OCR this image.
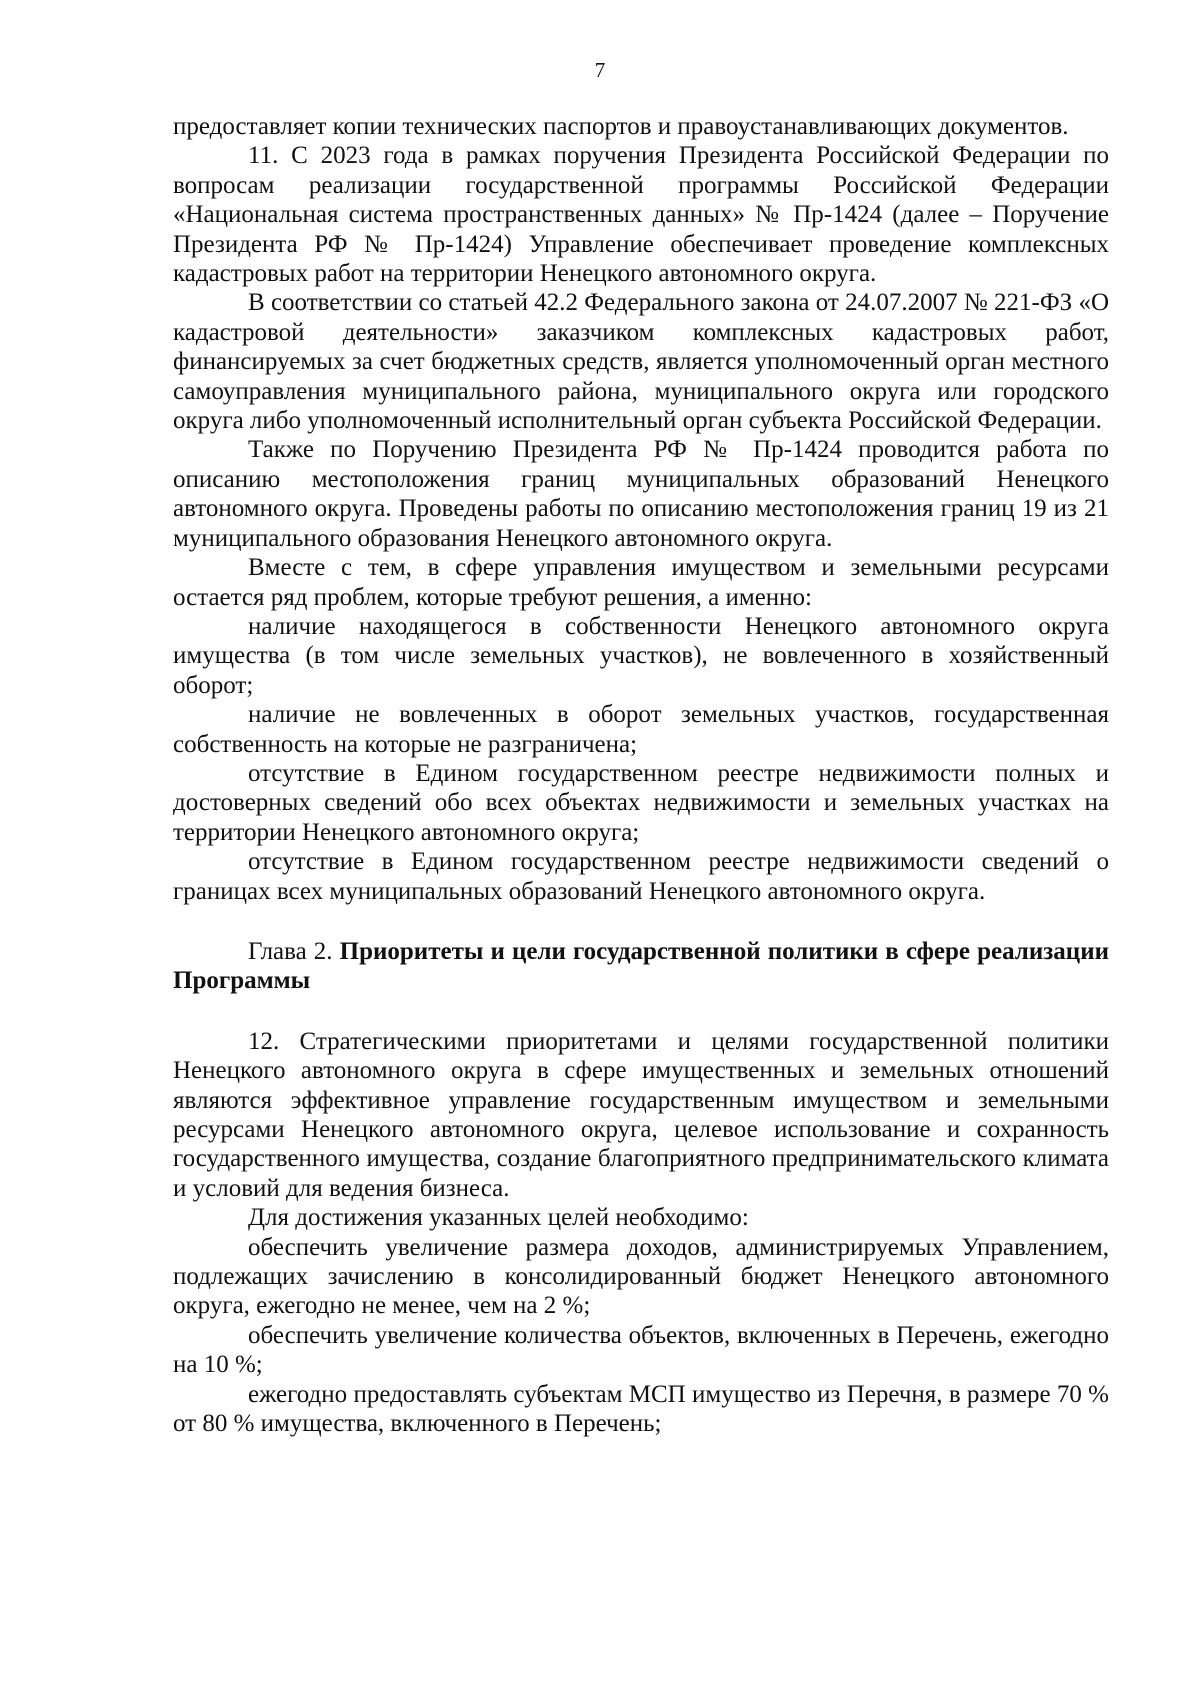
7

предоставляет копии технических паспортов и правоустанавливающих документов.

11. С 2023 года в рамках поручения Президента Российской Федерации по вопросам реализации государственной программы Российской Федерации «Национальная система пространственных данных» № Пр-1424 (далее – Поручение Президента РФ № Пр-1424) Управление обеспечивает проведение комплексных кадастровых работ на территории Ненецкого автономного округа.

В соответствии со статьей 42.2 Федерального закона от 24.07.2007 № 221-ФЗ «О кадастровой деятельности» заказчиком комплексных кадастровых работ, финансируемых за счет бюджетных средств, является уполномоченный орган местного самоуправления муниципального района, муниципального округа или городского округа либо уполномоченный исполнительный орган субъекта Российской Федерации.

Также по Поручению Президента РФ № Пр-1424 проводится работа по описанию местоположения границ муниципальных образований Ненецкого автономного округа. Проведены работы по описанию местоположения границ 19 из 21 муниципального образования Ненецкого автономного округа.

Вместе с тем, в сфере управления имуществом и земельными ресурсами остается ряд проблем, которые требуют решения, а именно:

наличие находящегося в собственности Ненецкого автономного округа имущества (в том числе земельных участков), не вовлеченного в хозяйственный оборот;

наличие не вовлеченных в оборот земельных участков, государственная собственность на которые не разграничена;

отсутствие в Едином государственном реестре недвижимости полных и достоверных сведений обо всех объектах недвижимости и земельных участках на территории Ненецкого автономного округа;

отсутствие в Едином государственном реестре недвижимости сведений о границах всех муниципальных образований Ненецкого автономного округа.

Глава 2. Приоритеты и цели государственной политики в сфере реализации Программы

12. Стратегическими приоритетами и целями государственной политики Ненецкого автономного округа в сфере имущественных и земельных отношений являются эффективное управление государственным имуществом и земельными ресурсами Ненецкого автономного округа, целевое использование и сохранность государственного имущества, создание благоприятного предпринимательского климата и условий для ведения бизнеса.

Для достижения указанных целей необходимо:

обеспечить увеличение размера доходов, администрируемых Управлением, подлежащих зачислению в консолидированный бюджет Ненецкого автономного округа, ежегодно не менее, чем на 2 %;

обеспечить увеличение количества объектов, включенных в Перечень, ежегодно на 10 %;

ежегодно предоставлять субъектам МСП имущество из Перечня, в размере 70 % от 80 % имущества, включенного в Перечень;
